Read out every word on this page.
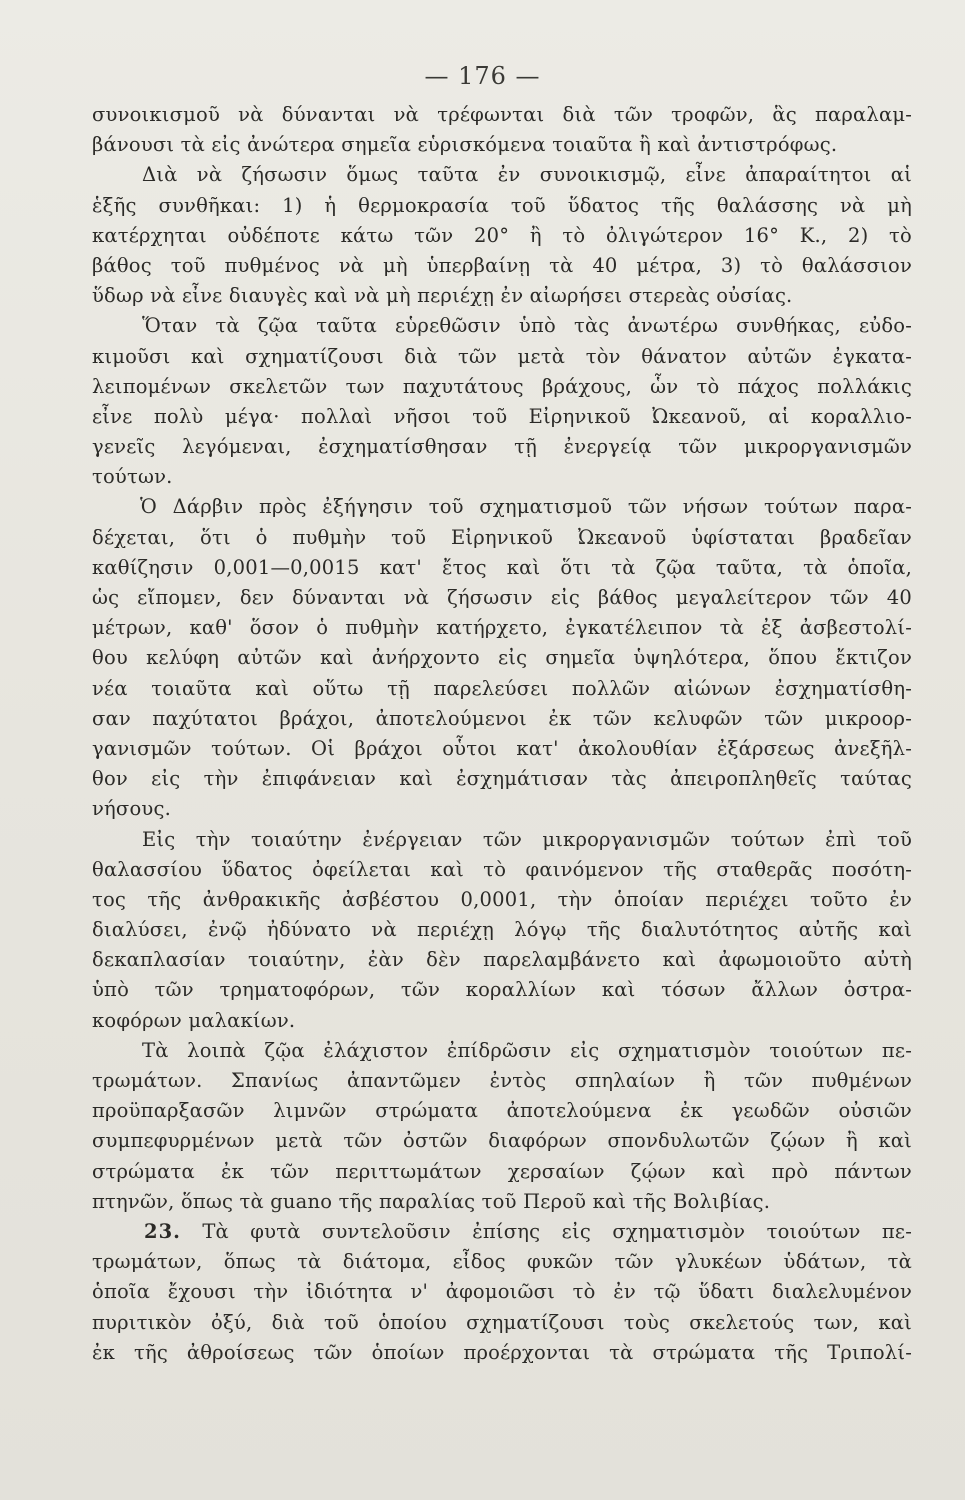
— 176 —
συνοικισμοῦ νὰ δύνανται νὰ τρέφωνται διὰ τῶν τροφῶν, ἃς παραλαμ-
βάνουσι τὰ εἰς ἀνώτερα σημεῖα εὑρισκόμενα τοιαῦτα ἢ καὶ ἀντιστρόφως.
Διὰ νὰ ζήσωσιν ὅμως ταῦτα ἐν συνοικισμῷ, εἶνε ἀπαραίτητοι αἱ
ἑξῆς συνθῆκαι: 1) ἡ θερμοκρασία τοῦ ὕδατος τῆς θαλάσσης νὰ μὴ
κατέρχηται οὐδέποτε κάτω τῶν 20° ἢ τὸ ὀλιγώτερον 16° Κ., 2) τὸ
βάθος τοῦ πυθμένος νὰ μὴ ὑπερβαίνῃ τὰ 40 μέτρα, 3) τὸ θαλάσσιον
ὕδωρ νὰ εἶνε διαυγὲς καὶ νὰ μὴ περιέχῃ ἐν αἰωρήσει στερεὰς οὐσίας.
Ὅταν τὰ ζῷα ταῦτα εὑρεθῶσιν ὑπὸ τὰς ἀνωτέρω συνθήκας, εὐδο-
κιμοῦσι καὶ σχηματίζουσι διὰ τῶν μετὰ τὸν θάνατον αὐτῶν ἐγκατα-
λειπομένων σκελετῶν των παχυτάτους βράχους, ὧν τὸ πάχος πολλάκις
εἶνε πολὺ μέγα· πολλαὶ νῆσοι τοῦ Εἰρηνικοῦ Ὠκεανοῦ, αἱ κοραλλιο-
γενεῖς λεγόμεναι, ἐσχηματίσθησαν τῇ ἐνεργείᾳ τῶν μικροργανισμῶν
τούτων.
Ὁ Δάρβιν πρὸς ἐξήγησιν τοῦ σχηματισμοῦ τῶν νήσων τούτων παρα-
δέχεται, ὅτι ὁ πυθμὴν τοῦ Εἰρηνικοῦ Ὠκεανοῦ ὑφίσταται βραδεῖαν
καθίζησιν 0,001—0,0015 κατ' ἔτος καὶ ὅτι τὰ ζῷα ταῦτα, τὰ ὁποῖα,
ὡς εἴπομεν, δεν δύνανται νὰ ζήσωσιν εἰς βάθος μεγαλείτερον τῶν 40
μέτρων, καθ' ὅσον ὁ πυθμὴν κατήρχετο, ἐγκατέλειπον τὰ ἐξ ἀσβεστολί-
θου κελύφη αὐτῶν καὶ ἀνήρχοντο εἰς σημεῖα ὑψηλότερα, ὅπου ἔκτιζον
νέα τοιαῦτα καὶ οὕτω τῇ παρελεύσει πολλῶν αἰώνων ἐσχηματίσθη-
σαν παχύτατοι βράχοι, ἀποτελούμενοι ἐκ τῶν κελυφῶν τῶν μικροορ-
γανισμῶν τούτων. Οἱ βράχοι οὗτοι κατ' ἀκολουθίαν ἐξάρσεως ἀνεξῆλ-
θον εἰς τὴν ἐπιφάνειαν καὶ ἐσχημάτισαν τὰς ἀπειροπληθεῖς ταύτας
νήσους.
Εἰς τὴν τοιαύτην ἐνέργειαν τῶν μικροργανισμῶν τούτων ἐπὶ τοῦ
θαλασσίου ὕδατος ὀφείλεται καὶ τὸ φαινόμενον τῆς σταθερᾶς ποσότη-
τος τῆς ἀνθρακικῆς ἀσβέστου 0,0001, τὴν ὁποίαν περιέχει τοῦτο ἐν
διαλύσει, ἐνῷ ἠδύνατο νὰ περιέχῃ λόγῳ τῆς διαλυτότητος αὐτῆς καὶ
δεκαπλασίαν τοιαύτην, ἐὰν δὲν παρελαμβάνετο καὶ ἀφωμοιοῦτο αὐτὴ
ὑπὸ τῶν τρηματοφόρων, τῶν κοραλλίων καὶ τόσων ἄλλων ὀστρα-
κοφόρων μαλακίων.
Τὰ λοιπὰ ζῷα ἐλάχιστον ἐπίδρῶσιν εἰς σχηματισμὸν τοιούτων πε-
τρωμάτων. Σπανίως ἀπαντῶμεν ἐντὸς σπηλαίων ἢ τῶν πυθμένων
προϋπαρξασῶν λιμνῶν στρώματα ἀποτελούμενα ἐκ γεωδῶν οὐσιῶν
συμπεφυρμένων μετὰ τῶν ὀστῶν διαφόρων σπονδυλωτῶν ζῴων ἢ καὶ
στρώματα ἐκ τῶν περιττωμάτων χερσαίων ζῴων καὶ πρὸ πάντων
πτηνῶν, ὅπως τὰ guano τῆς παραλίας τοῦ Περοῦ καὶ τῆς Βολιβίας.
23. Τὰ φυτὰ συντελοῦσιν ἐπίσης εἰς σχηματισμὸν τοιούτων πε-
τρωμάτων, ὅπως τὰ διάτομα, εἶδος φυκῶν τῶν γλυκέων ὑδάτων, τὰ
ὁποῖα ἔχουσι τὴν ἰδιότητα ν' ἀφομοιῶσι τὸ ἐν τῷ ὕδατι διαλελυμένον
πυριτικὸν ὀξύ, διὰ τοῦ ὁποίου σχηματίζουσι τοὺς σκελετούς των, καὶ
ἐκ τῆς ἀθροίσεως τῶν ὁποίων προέρχονται τὰ στρώματα τῆς Τριπολί-
